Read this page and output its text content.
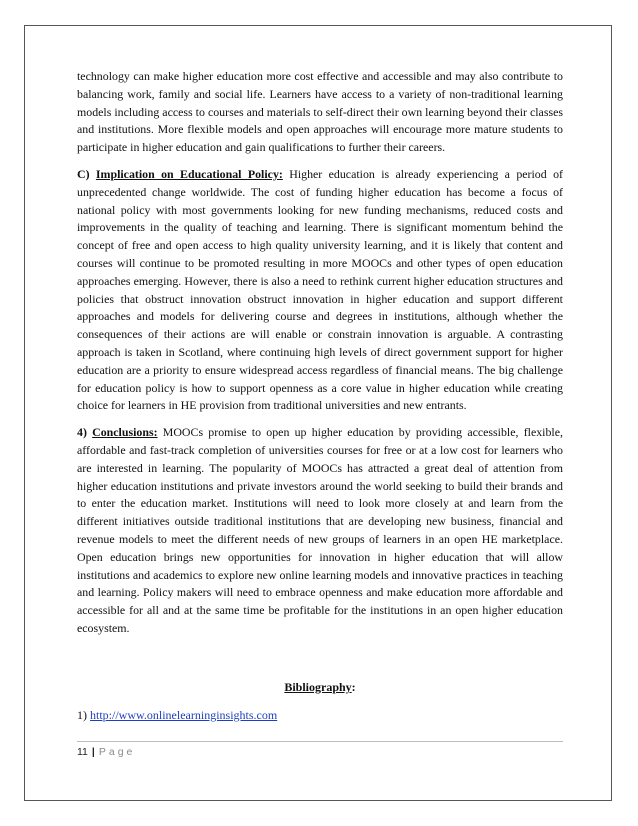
technology can make higher education more cost effective and accessible and may also contribute to balancing work, family and social life. Learners have access to a variety of non-traditional learning models including access to courses and materials to self-direct their own learning beyond their classes and institutions. More flexible models and open approaches will encourage more mature students to participate in higher education and gain qualifications to further their careers.

C) Implication on Educational Policy: Higher education is already experiencing a period of unprecedented change worldwide. The cost of funding higher education has become a focus of national policy with most governments looking for new funding mechanisms, reduced costs and improvements in the quality of teaching and learning. There is significant momentum behind the concept of free and open access to high quality university learning, and it is likely that content and courses will continue to be promoted resulting in more MOOCs and other types of open education approaches emerging. However, there is also a need to rethink current higher education structures and policies that obstruct innovation obstruct innovation in higher education and support different approaches and models for delivering course and degrees in institutions, although whether the consequences of their actions are will enable or constrain innovation is arguable. A contrasting approach is taken in Scotland, where continuing high levels of direct government support for higher education are a priority to ensure widespread access regardless of financial means. The big challenge for education policy is how to support openness as a core value in higher education while creating choice for learners in HE provision from traditional universities and new entrants.

4) Conclusions: MOOCs promise to open up higher education by providing accessible, flexible, affordable and fast-track completion of universities courses for free or at a low cost for learners who are interested in learning. The popularity of MOOCs has attracted a great deal of attention from higher education institutions and private investors around the world seeking to build their brands and to enter the education market. Institutions will need to look more closely at and learn from the different initiatives outside traditional institutions that are developing new business, financial and revenue models to meet the different needs of new groups of learners in an open HE marketplace. Open education brings new opportunities for innovation in higher education that will allow institutions and academics to explore new online learning models and innovative practices in teaching and learning. Policy makers will need to embrace openness and make education more affordable and accessible for all and at the same time be profitable for the institutions in an open higher education ecosystem.

Bibliography:
1) http://www.onlinelearninginsights.com
11 | Page
